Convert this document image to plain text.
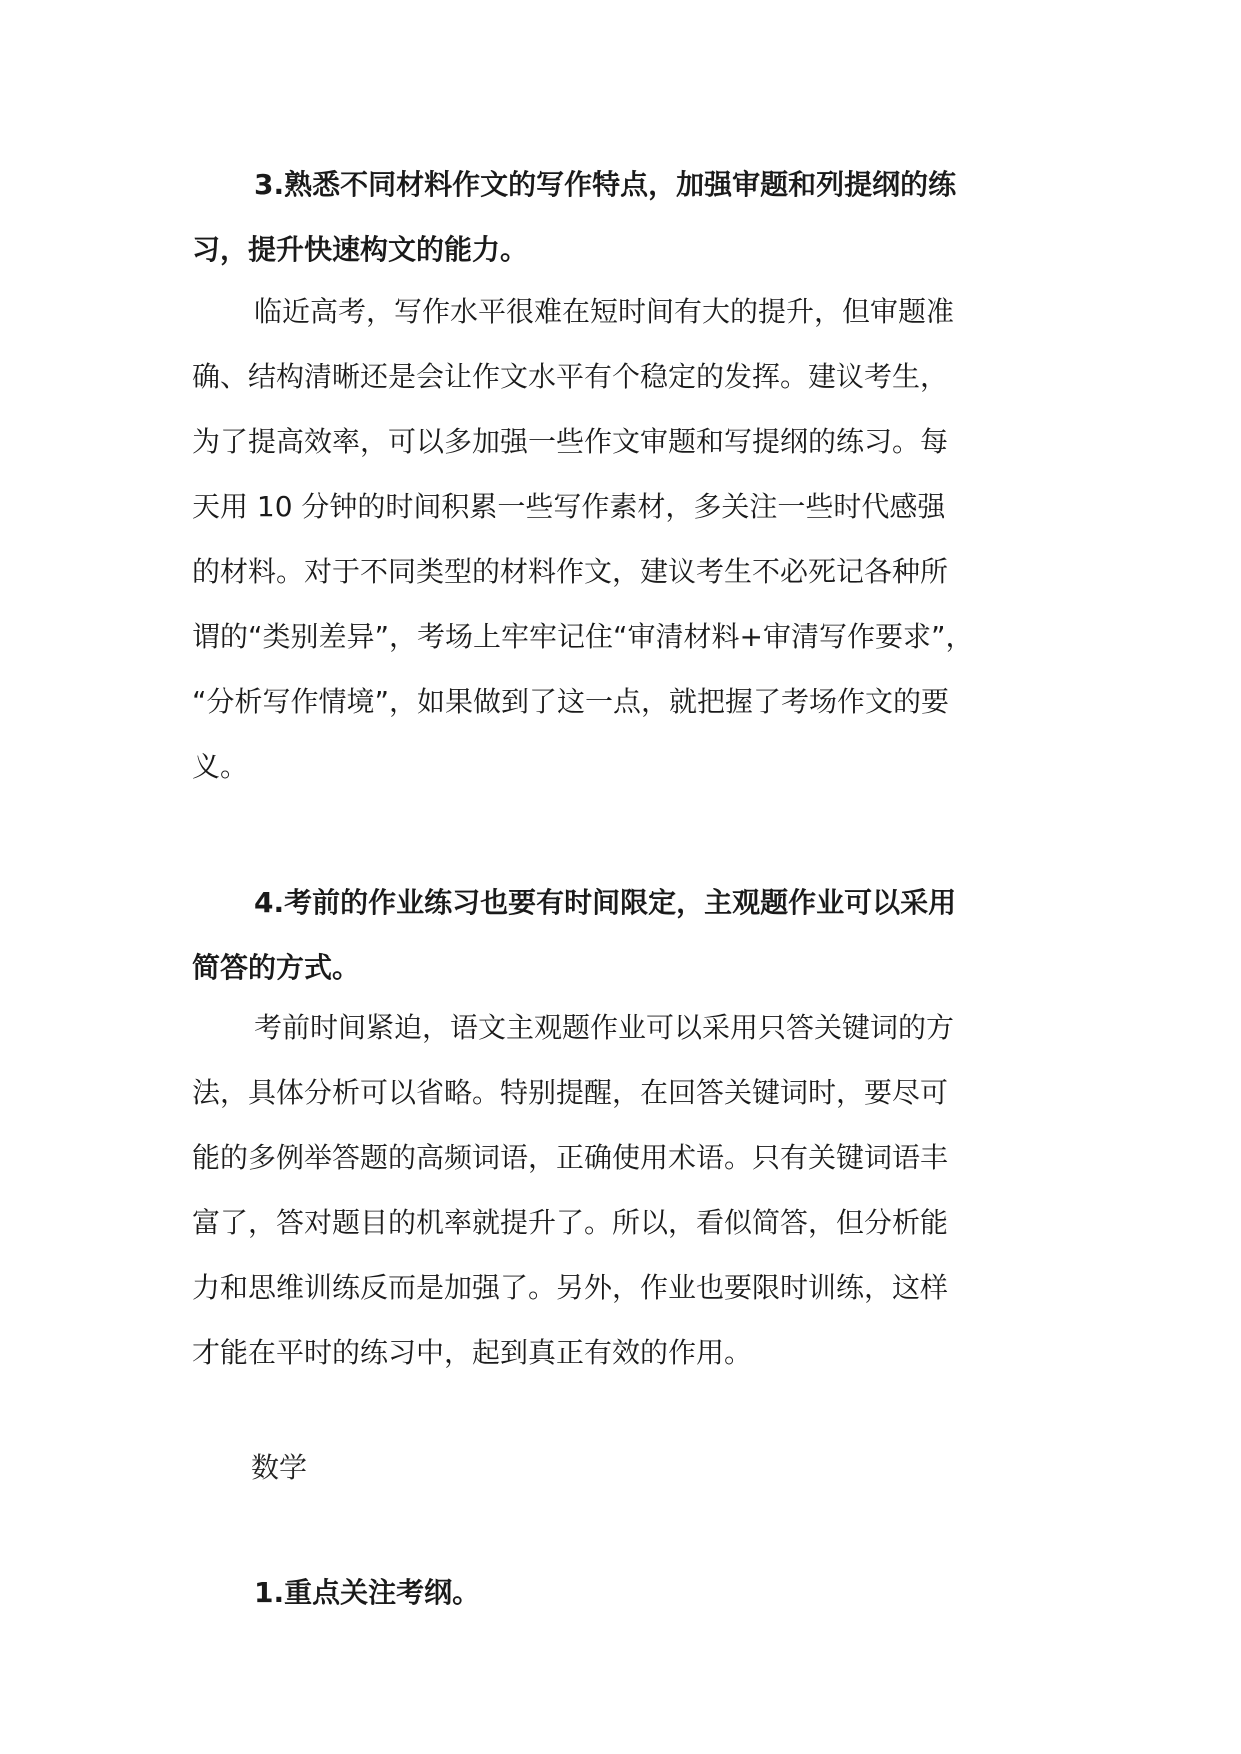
3.熟悉不同材料作文的写作特点，加强审题和列提纲的练
习，提升快速构文的能力。
临近高考，写作水平很难在短时间有大的提升，但审题准
确、结构清晰还是会让作文水平有个稳定的发挥。建议考生，
为了提高效率，可以多加强一些作文审题和写提纲的练习。每
天用 10 分钟的时间积累一些写作素材，多关注一些时代感强
的材料。对于不同类型的材料作文，建议考生不必死记各种所
谓的“类别差异”，考场上牢牢记住“审清材料+审清写作要求”，
“分析写作情境”，如果做到了这一点，就把握了考场作文的要
义。
4.考前的作业练习也要有时间限定，主观题作业可以采用
简答的方式。
考前时间紧迫，语文主观题作业可以采用只答关键词的方
法，具体分析可以省略。特别提醒，在回答关键词时，要尽可
能的多例举答题的高频词语，正确使用术语。只有关键词语丰
富了，答对题目的机率就提升了。所以，看似简答，但分析能
力和思维训练反而是加强了。另外，作业也要限时训练，这样
才能在平时的练习中，起到真正有效的作用。

数学

1.重点关注考纲。
